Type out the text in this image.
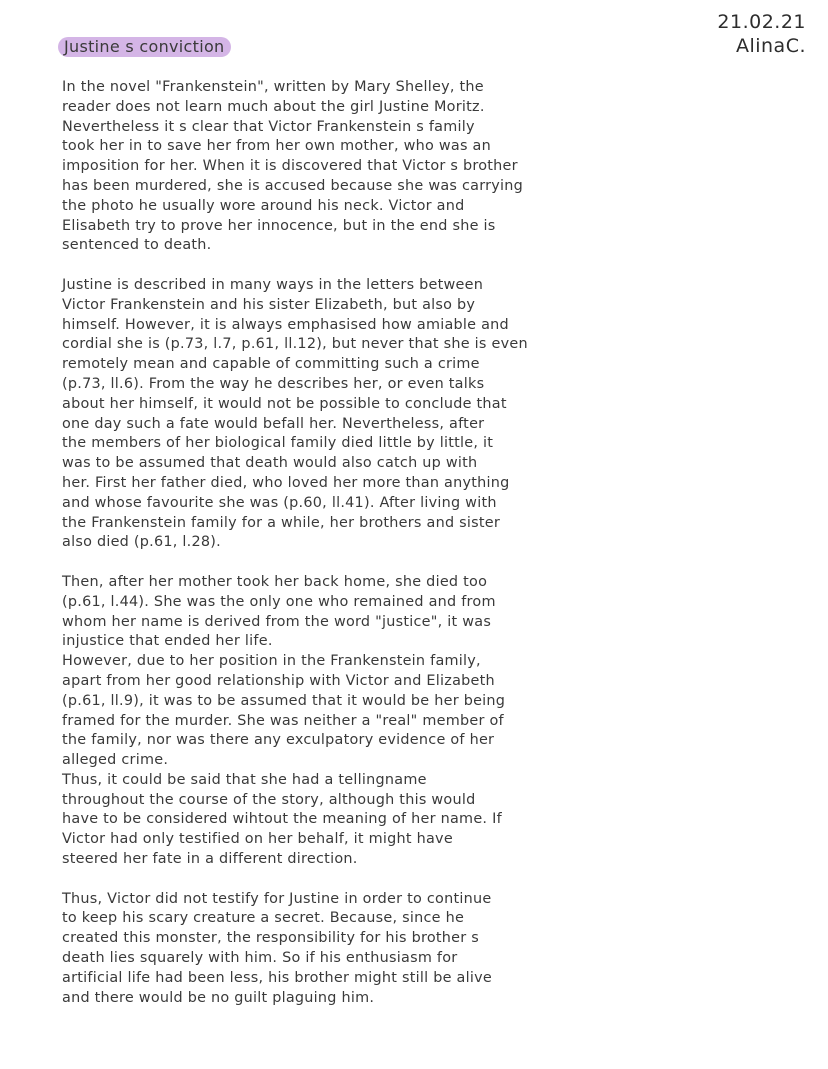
21.02.21
AlinaC.
Justine s conviction
In the novel "Frankenstein", written by Mary Shelley, the
reader does not learn much about the girl Justine Moritz.
Nevertheless it s clear that Victor Frankenstein s family
took her in to save her from her own mother, who was an
imposition for her. When it is discovered that Victor s brother
has been murdered, she is accused because she was carrying
the photo he usually wore around his neck. Victor and
Elisabeth try to prove her innocence, but in the end she is
sentenced to death.
Justine is described in many ways in the letters between
Victor Frankenstein and his sister Elizabeth, but also by
himself. However, it is always emphasised how amiable and
cordial she is (p.73, l.7, p.61, ll.12), but never that she is even
remotely mean and capable of committing such a crime
(p.73, ll.6). From the way he describes her, or even talks
about her himself, it would not be possible to conclude that
one day such a fate would befall her. Nevertheless, after
the members of her biological family died little by little, it
was to be assumed that death would also catch up with
her. First her father died, who loved her more than anything
and whose favourite she was (p.60, ll.41). After living with
the Frankenstein family for a while, her brothers and sister
also died (p.61, l.28).
Then, after her mother took her back home, she died too
(p.61, l.44). She was the only one who remained and from
whom her name is derived from the word "justice", it was
injustice that ended her life.
However, due to her position in the Frankenstein family,
apart from her good relationship with Victor and Elizabeth
(p.61, ll.9), it was to be assumed that it would be her being
framed for the murder. She was neither a "real" member of
the family, nor was there any exculpatory evidence of her
alleged crime.
Thus, it could be said that she had a tellingname
throughout the course of the story, although this would
have to be considered wihtout the meaning of her name. If
Victor had only testified on her behalf, it might have
steered her fate in a different direction.
Thus, Victor did not testify for Justine in order to continue
to keep his scary creature a secret. Because, since he
created this monster, the responsibility for his brother s
death lies squarely with him. So if his enthusiasm for
artificial life had been less, his brother might still be alive
and there would be no guilt plaguing him.
